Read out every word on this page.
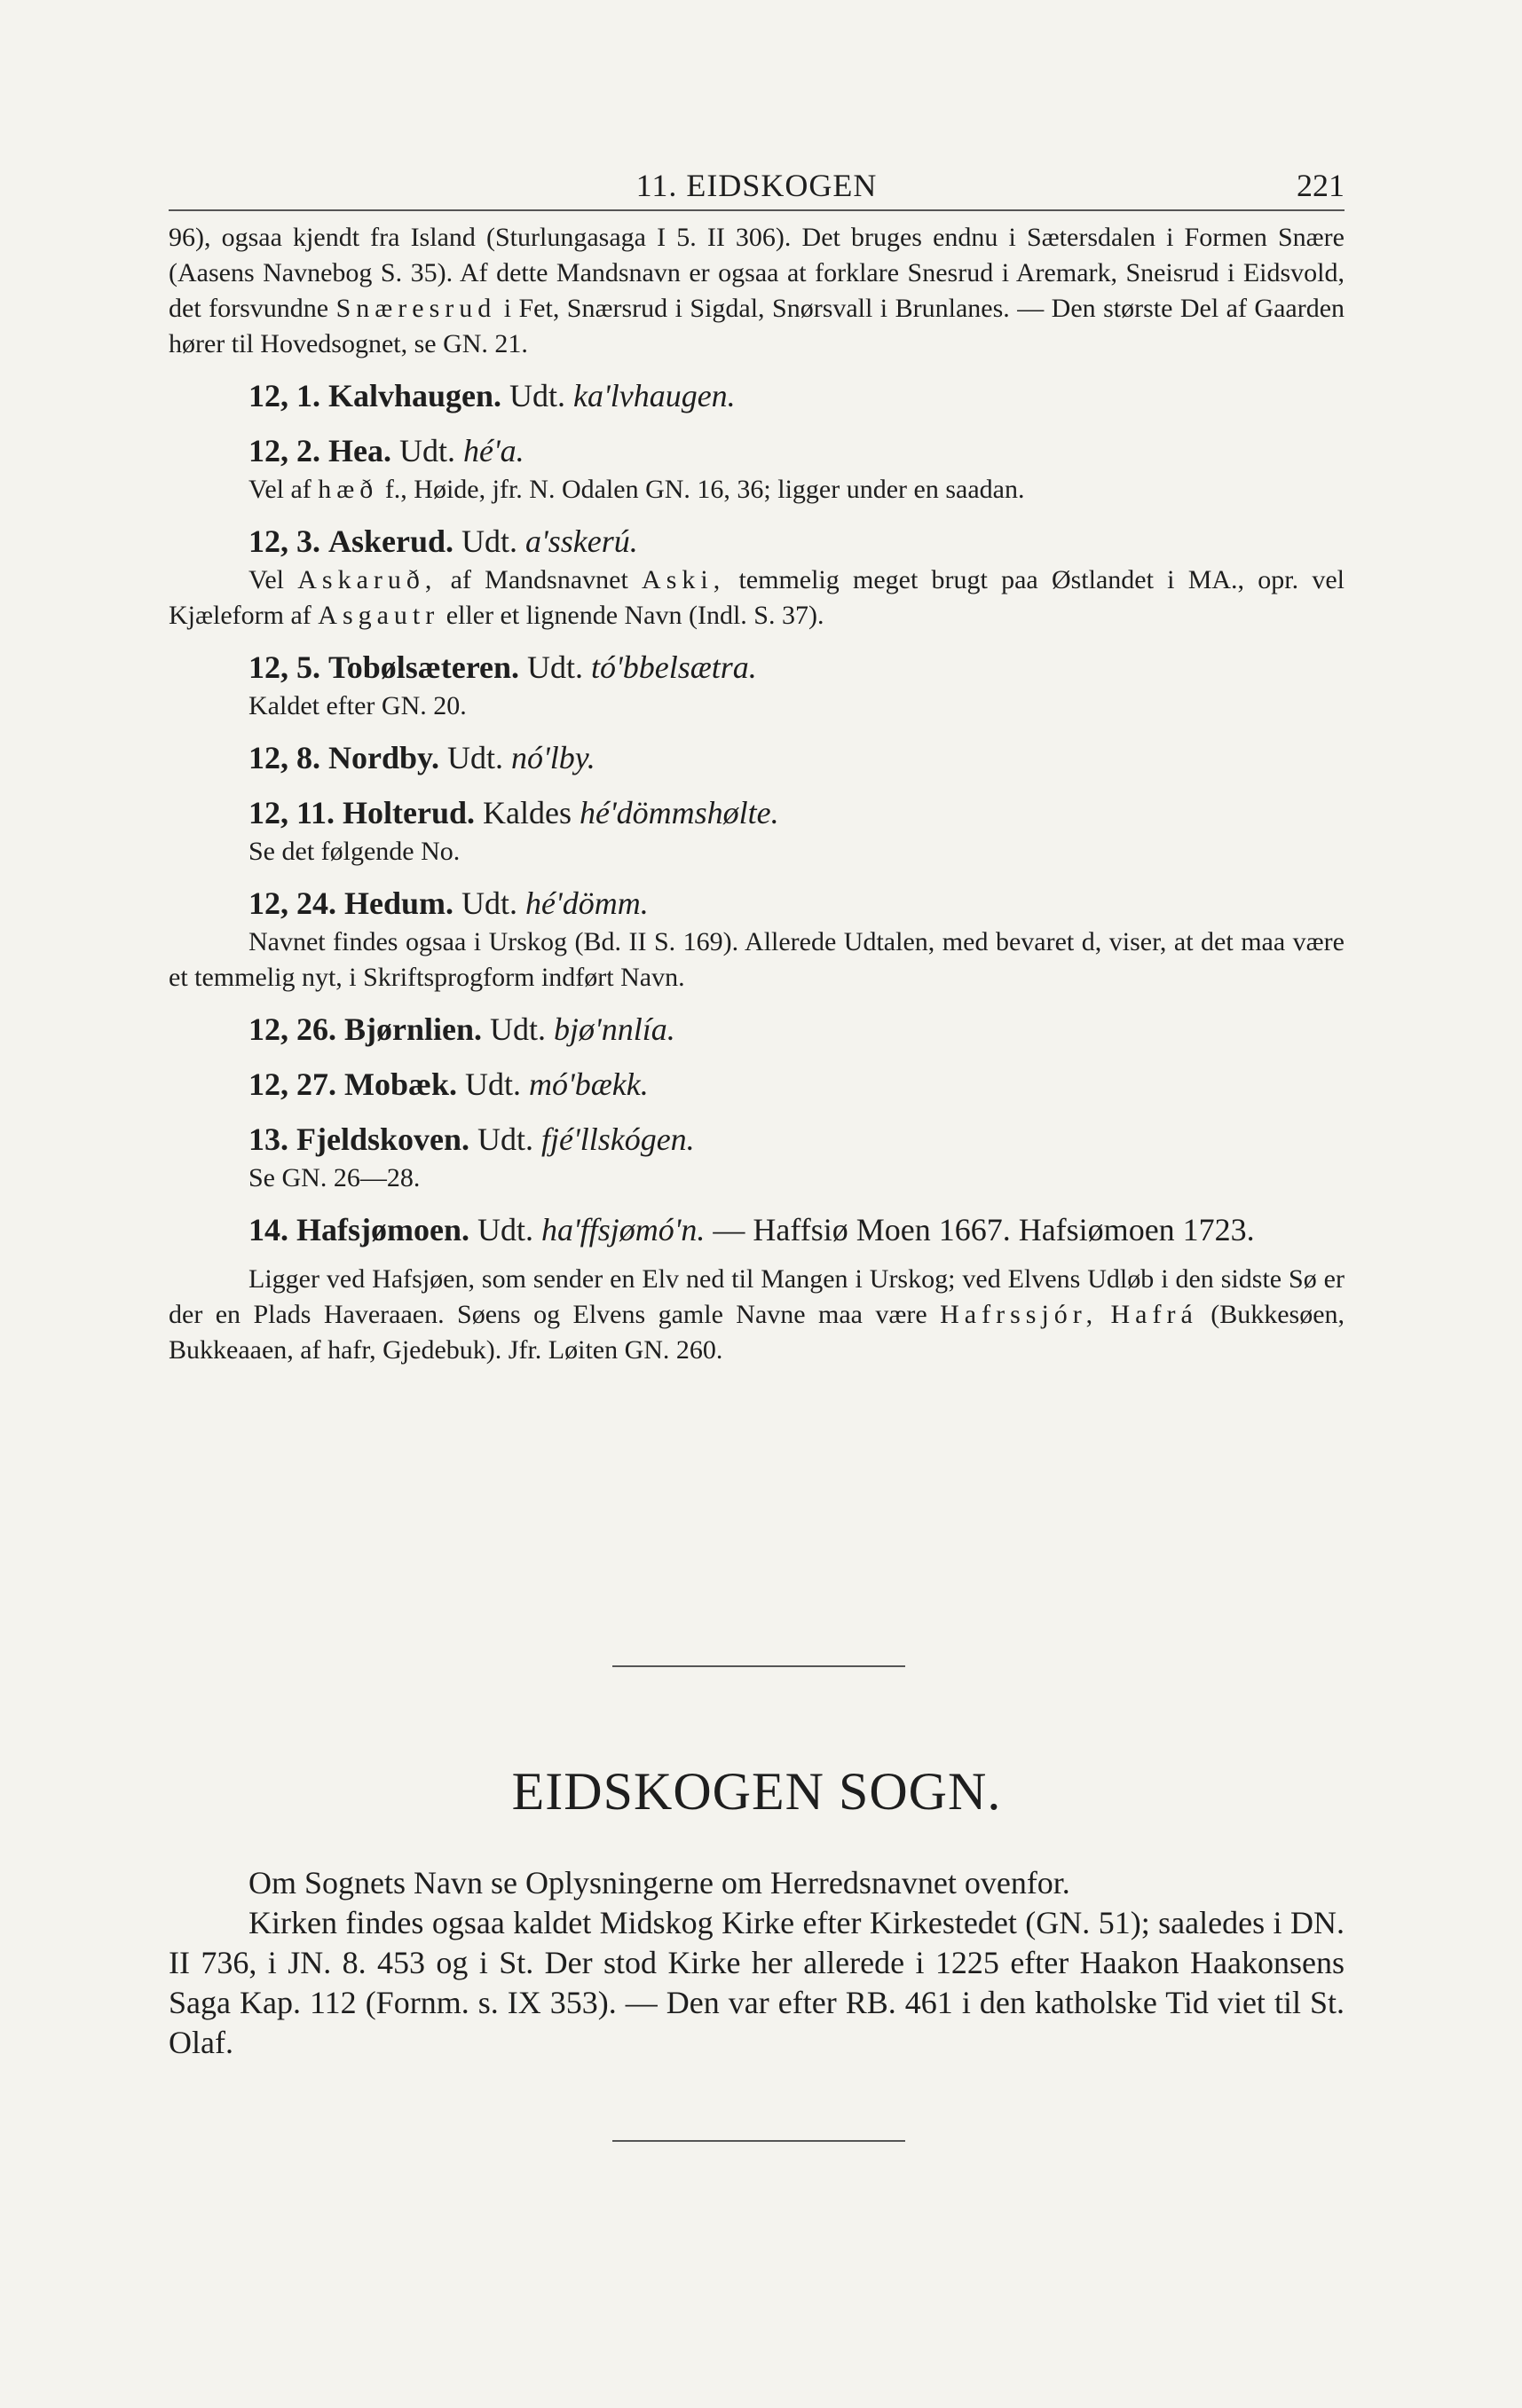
11. EIDSKOGEN	221

96), ogsaa kjendt fra Island (Sturlungasaga I 5. II 306). Det bruges endnu i Sætersdalen i Formen Snære (Aasens Navnebog S. 35). Af dette Mandsnavn er ogsaa at forklare Snesrud i Aremark, Sneisrud i Eidsvold, det forsvundne Snæresrud i Fet, Snærsrud i Sigdal, Snørsvall i Brunlanes. — Den største Del af Gaarden hører til Hovedsognet, se GN. 21.

12, 1. Kalvhaugen. Udt. ka'lvhaugen.

12, 2. Hea. Udt. hé'a.

Vel af hæð f., Høide, jfr. N. Odalen GN. 16, 36; ligger under en saadan.

12, 3. Askerud. Udt. a'sskerú.

Vel Askaruð, af Mandsnavnet Aski, temmelig meget brugt paa Østlandet i MA., opr. vel Kjæleform af Asgautr eller et lignende Navn (Indl. S. 37).

12, 5. Tobølsæteren. Udt. tó'bbelsætra.

Kaldet efter GN. 20.

12, 8. Nordby. Udt. nó'lby.

12, 11. Holterud. Kaldes hé'dömmshølte.

Se det følgende No.

12, 24. Hedum. Udt. hé'dömm.

Navnet findes ogsaa i Urskog (Bd. II S. 169). Allerede Udtalen, med bevaret d, viser, at det maa være et temmelig nyt, i Skriftsprogform indført Navn.

12, 26. Bjørnlien. Udt. bjø'nnlía.

12, 27. Mobæk. Udt. mó'bækk.

13. Fjeldskoven. Udt. fjé'llskógen.

Se GN. 26—28.

14. Hafsjømoen. Udt. ha'ffsjømó'n. — Haffsiø Moen 1667. Hafsiømoen 1723.

Ligger ved Hafsjøen, som sender en Elv ned til Mangen i Urskog; ved Elvens Udløb i den sidste Sø er der en Plads Haveraaen. Søens og Elvens gamle Navne maa være Hafrssjór, Hafrá (Bukkesøen, Bukkeaaen, af hafr, Gjedebuk). Jfr. Løiten GN. 260.

EIDSKOGEN SOGN.

Om Sognets Navn se Oplysningerne om Herredsnavnet ovenfor.

Kirken findes ogsaa kaldet Midskog Kirke efter Kirkestedet (GN. 51); saaledes i DN. II 736, i JN. 8. 453 og i St. Der stod Kirke her allerede i 1225 efter Haakon Haakonsens Saga Kap. 112 (Fornm. s. IX 353). — Den var efter RB. 461 i den katholske Tid viet til St. Olaf.
